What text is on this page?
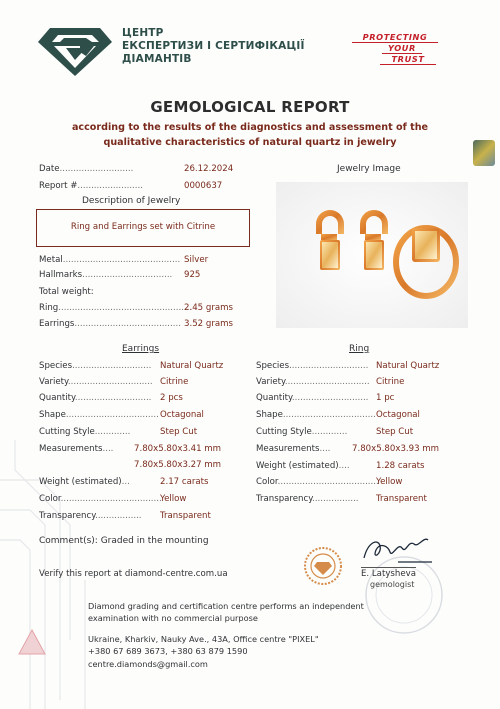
ЦЕНТР
ЕКСПЕРТИЗИ І СЕРТИФІКАЦІЇ
ДІАМАНТІВ
PROTECTING
YOUR
TRUST
GEMOLOGICAL REPORT
according to the results of the diagnostics and assessment of the
qualitative characteristics of natural quartz in jewelry
Date...........................	26.12.2024
Report #........................	0000637
Description of Jewelry
Ring and Earrings set with Citrine
Jewelry Image
Metal........................................... Silver
Hallmarks................................. 925
Total weight:
Ring.................................................
2.45 grams
Earrings....................................... 3.52 grams
Earrings	Ring
Species............................. Natural Quartz
Variety............................... Citrine
Quantity............................ 2 pcs
Shape.................................. Octagonal
Cutting Style.............	Step Cut
Measurements.... 7.80x5.80x3.41 mm
7.80x5.80x3.27 mm
Weight (estimated)...	2.17 carats
Color.....................................
Yellow
Transparency................. Transparent
Species............................. Natural Quartz
Variety............................... Citrine
Quantity............................ 1 pc
Shape.................................. Octagonal
Cutting Style.............	Step Cut
Measurements....	7.80x5.80x3.93 mm
Weight (estimated)....	1.28 carats
Color.....................................
Yellow
Transparency................. Transparent
Comment(s): Graded in the mounting
Verify this report at diamond-centre.com.ua	E. Latysheva
gemologist
Diamond grading and certification centre performs an independent
examination with no commercial purpose
Ukraine, Kharkiv, Nauky Ave., 43A, Office centre "PIXEL"
+380 67 689 3673, +380 63 879 1590
centre.diamonds@gmail.com
